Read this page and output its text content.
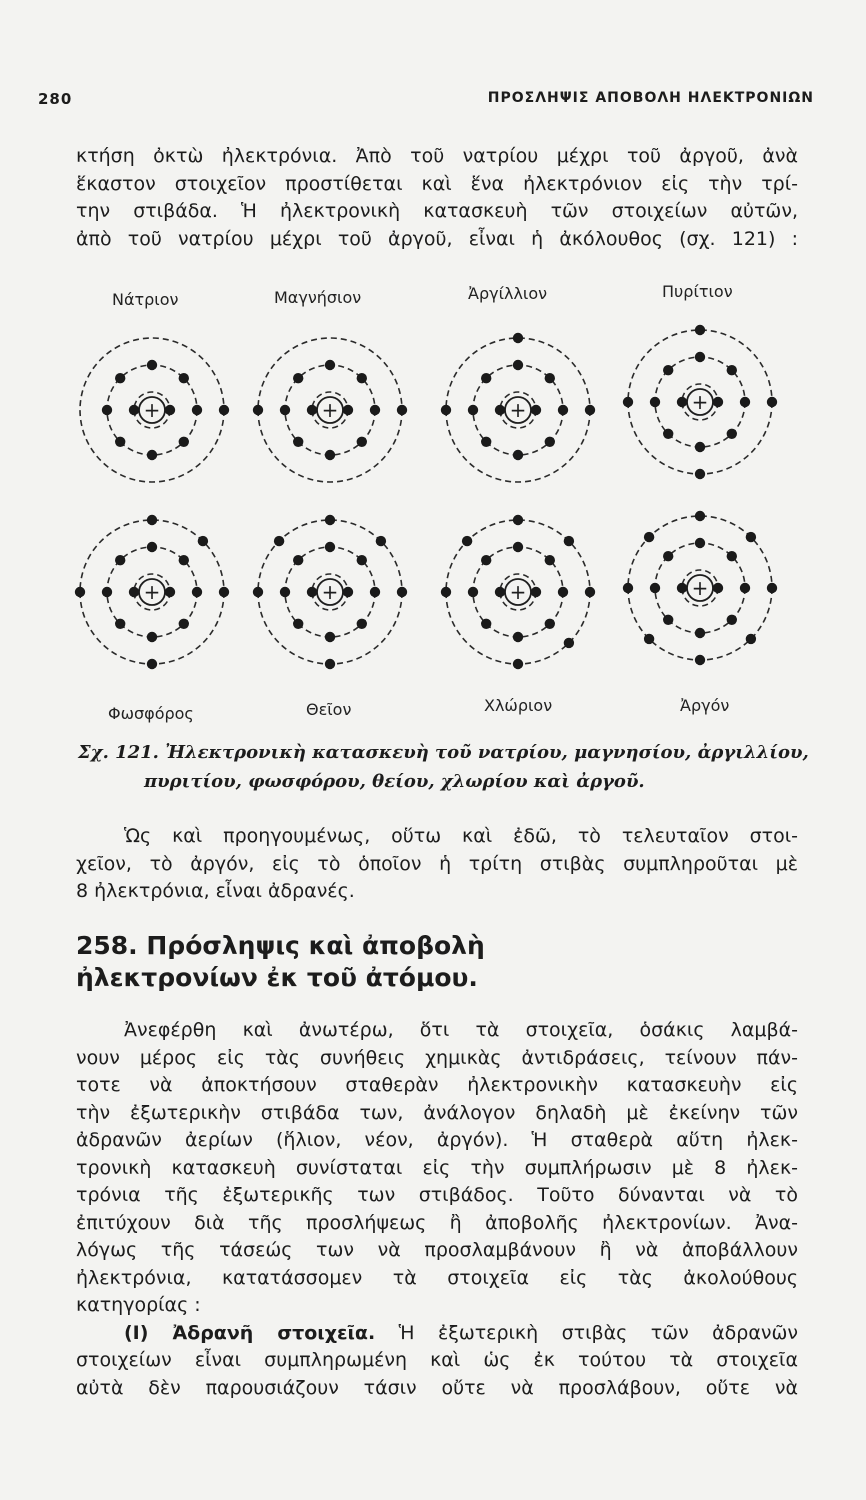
280	ΠΡΟΣΛΗΨΙΣ ΑΠΟΒΟΛΗ ΗΛΕΚΤΡΟΝΙΩΝ
κτήση ὀκτὼ ἠλεκτρόνια. Ἀπὸ τοῦ νατρίου μέχρι τοῦ ἀργοῦ, ἀνὰ
ἕκαστον στοιχεῖον προστίθεται καὶ ἕνα ἠλεκτρόνιον εἰς τὴν τρί-
την στιβάδα. Ἡ ἠλεκτρονικὴ κατασκευὴ τῶν στοιχείων αὐτῶν,
ἀπὸ τοῦ νατρίου μέχρι τοῦ ἀργοῦ, εἶναι ἡ ἀκόλουθος (σχ. 121) :
Νάτριον	Μαγνήσιον	Ἀργίλλιον	Πυρίτιον
Φωσφόρος	Θεῖον	Χλώριον	Ἀργόν
+	+	+	+
+	+	+	+
Σχ. 121. Ἠλεκτρονικὴ κατασκευὴ τοῦ νατρίου, μαγνησίου, ἀργιλλίου,
πυριτίου, φωσφόρου, θείου, χλωρίου καὶ ἀργοῦ.
Ὡς καὶ προηγουμένως, οὕτω καὶ ἐδῶ, τὸ τελευταῖον στοι-
χεῖον, τὸ ἀργόν, εἰς τὸ ὁποῖον ἡ τρίτη στιβὰς συμπληροῦται μὲ
8 ἠλεκτρόνια, εἶναι ἀδρανές.
258. Πρόσληψις καὶ ἀποβολὴ
ἠλεκτρονίων ἐκ τοῦ ἀτόμου.
Ἀνεφέρθη καὶ ἀνωτέρω, ὅτι τὰ στοιχεῖα, ὁσάκις λαμβά-
νουν μέρος εἰς τὰς συνήθεις χημικὰς ἀντιδράσεις, τείνουν πάν-
τοτε νὰ ἀποκτήσουν σταθερὰν ἠλεκτρονικὴν κατασκευὴν εἰς
τὴν ἐξωτερικὴν στιβάδα των, ἀνάλογον δηλαδὴ μὲ ἐκείνην τῶν
ἀδρανῶν ἀερίων (ἥλιον, νέον, ἀργόν). Ἡ σταθερὰ αὕτη ἠλεκ-
τρονικὴ κατασκευὴ συνίσταται εἰς τὴν συμπλήρωσιν μὲ 8 ἠλεκ-
τρόνια τῆς ἐξωτερικῆς των στιβάδος. Τοῦτο δύνανται νὰ τὸ
ἐπιτύχουν διὰ τῆς προσλήψεως ἢ ἀποβολῆς ἠλεκτρονίων. Ἀνα-
λόγως τῆς τάσεώς των νὰ προσλαμβάνουν ἢ νὰ ἀποβάλλουν
ἠλεκτρόνια, κατατάσσομεν τὰ στοιχεῖα εἰς τὰς ἀκολούθους
κατηγορίας :
(I) Ἀδρανῆ στοιχεῖα. Ἡ ἐξωτερικὴ στιβὰς τῶν ἀδρανῶν
στοιχείων εἶναι συμπληρωμένη καὶ ὡς ἐκ τούτου τὰ στοιχεῖα
αὐτὰ δὲν παρουσιάζουν τάσιν οὔτε νὰ προσλάβουν, οὔτε νὰ
